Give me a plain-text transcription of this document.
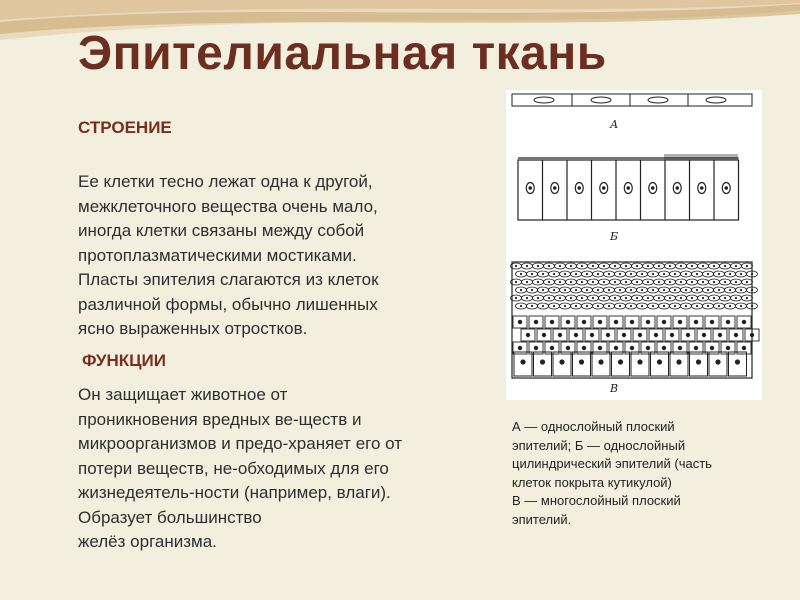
Эпителиальная ткань
СТРОЕНИЕ
Ее клетки тесно лежат одна к другой,
межклеточного вещества очень мало,
иногда клетки связаны между собой
протоплазматическими мостиками.
Пласты эпителия слагаются из клеток
различной формы, обычно лишенных
ясно выраженных отростков.
ФУНКЦИИ
Он защищает животное от
проникновения вредных ве-ществ и
микроорганизмов и предо-храняет его от
потери веществ, не-обходимых для его
жизнедеятель-ности (например, влаги).
Образует большинство
желёз организма.
А
Б
В
А — однослойный плоский
эпителий; Б — однослойный
цилиндрический эпителий (часть
клеток покрыта кутикулой)
В — многослойный плоский
эпителий.
